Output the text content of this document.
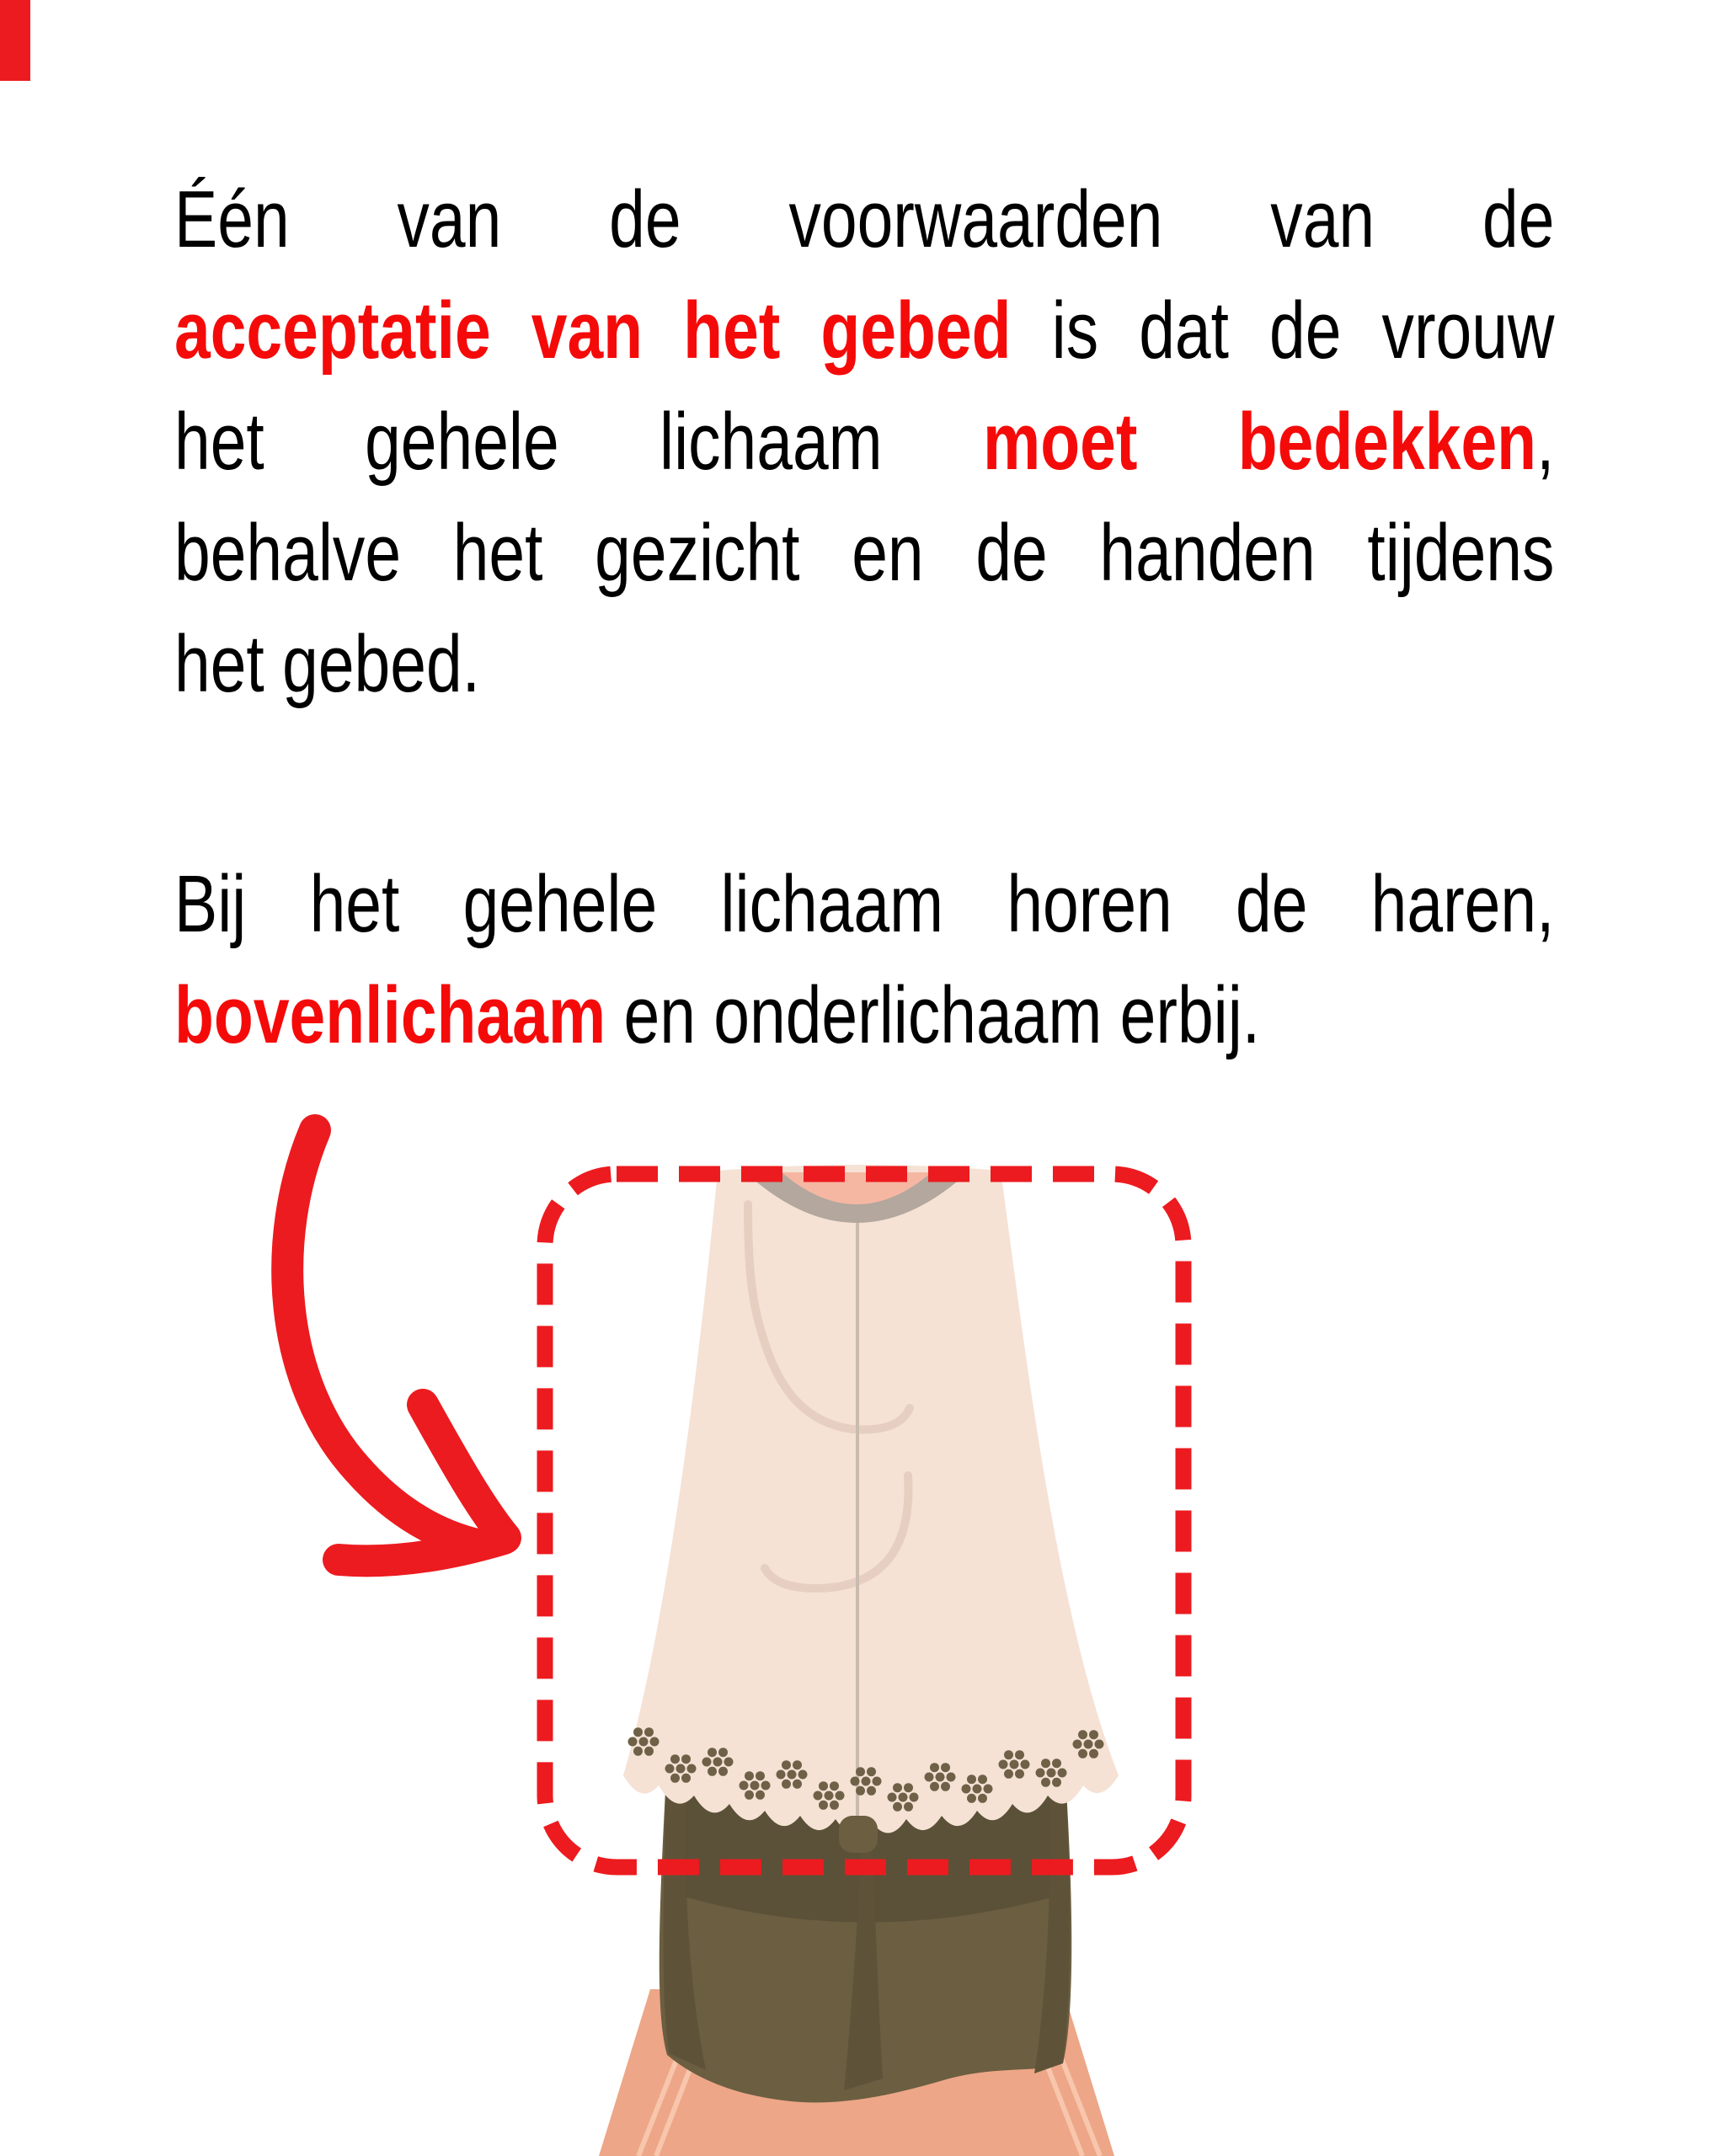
Één van de voorwaarden van de
acceptatie van het gebed is dat de vrouw
het gehele lichaam moet bedekken,
behalve het gezicht en de handen tijdens
het gebed.
Bij het gehele lichaam horen de haren,
bovenlichaam en onderlichaam erbij.
